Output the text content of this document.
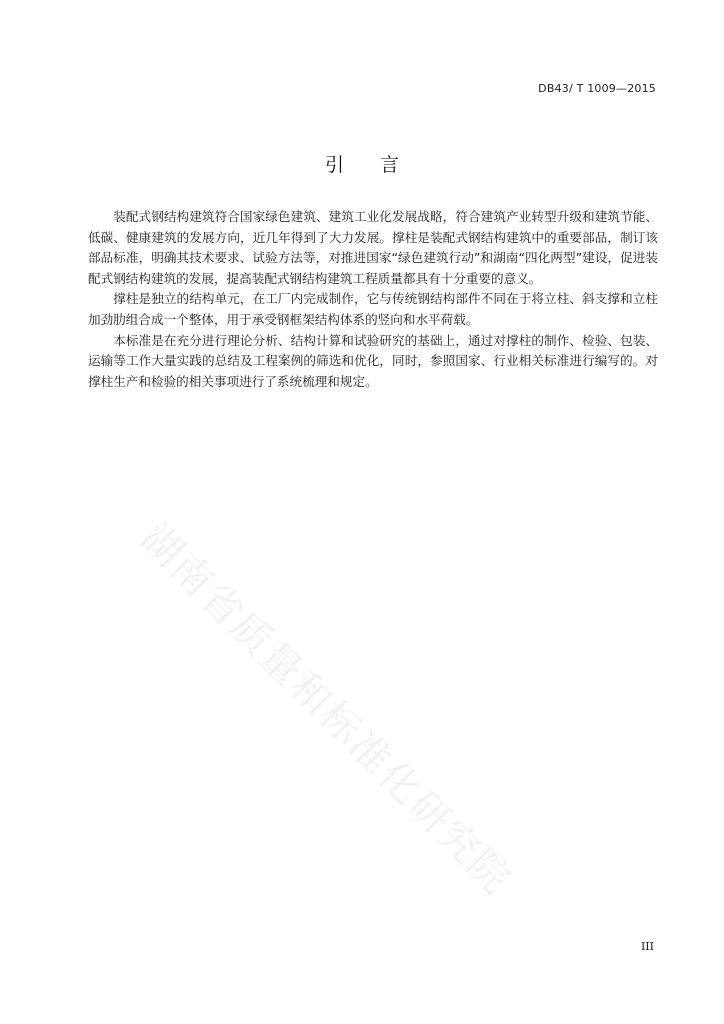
DB43/ T 1009—2015
引言

装配式钢结构建筑符合国家绿色建筑、建筑工业化发展战略，符合建筑产业转型升级和建筑节能、低碳、健康建筑的发展方向，近几年得到了大力发展。撑柱是装配式钢结构建筑中的重要部品，制订该部品标准，明确其技术要求、试验方法等，对推进国家“绿色建筑行动”和湖南“四化两型”建设，促进装配式钢结构建筑的发展，提高装配式钢结构建筑工程质量都具有十分重要的意义。

撑柱是独立的结构单元，在工厂内完成制作，它与传统钢结构部件不同在于将立柱、斜支撑和立柱加劲肋组合成一个整体，用于承受钢框架结构体系的竖向和水平荷载。

本标准是在充分进行理论分析、结构计算和试验研究的基础上，通过对撑柱的制作、检验、包装、运输等工作大量实践的总结及工程案例的筛选和优化，同时，参照国家、行业相关标准进行编写的。对撑柱生产和检验的相关事项进行了系统梳理和规定。

湖南省质量和标准化研究院
III
